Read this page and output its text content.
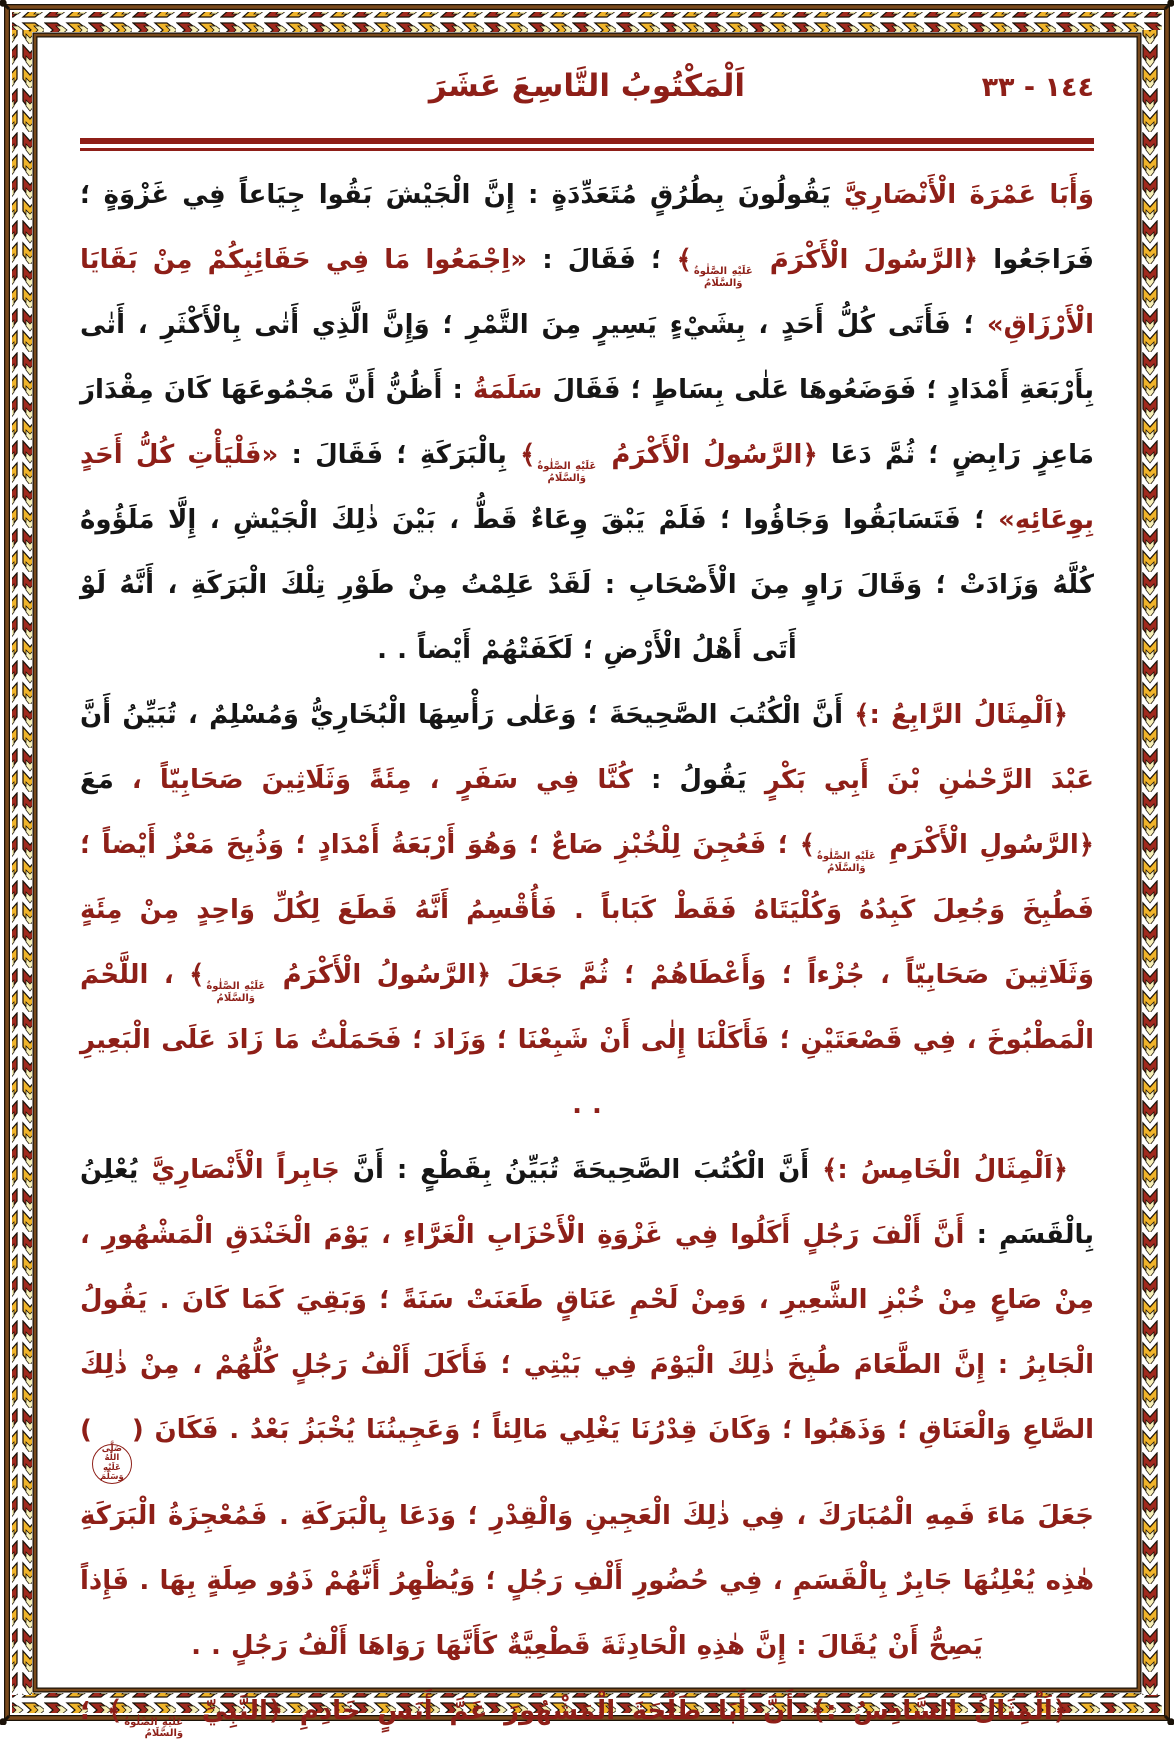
١٤٤ - ٣٣
اَلْمَكْتُوبُ التَّاسِعَ عَشَرَ

وَأَبَا عَمْرَةَ الْأَنْصَارِيَّ يَقُولُونَ بِطُرُقٍ مُتَعَدِّدَةٍ : إِنَّ الْجَيْشَ بَقُوا جِيَاعاً فِي غَزْوَةٍ ؛ فَرَاجَعُوا ﴿الرَّسُولَ الْأَكْرَمَ
عَلَيْهِ الصَّلٰوةُ
وَالسَّلَامُ
﴾ ؛ فَقَالَ : «اِجْمَعُوا مَا فِي حَقَائِبِكُمْ مِنْ بَقَايَا الْأَرْزَاقِ» ؛ فَأَتَى كُلُّ أَحَدٍ ، بِشَيْءٍ يَسِيرٍ مِنَ التَّمْرِ ؛ وَإِنَّ الَّذِي أَتٰى بِالْأَكْثَرِ ، أَتٰى بِأَرْبَعَةِ أَمْدَادٍ ؛ فَوَضَعُوهَا عَلٰى بِسَاطٍ ؛ فَقَالَ سَلَمَةُ : أَظُنُّ أَنَّ مَجْمُوعَهَا كَانَ مِقْدَارَ مَاعِزٍ رَابِضٍ ؛ ثُمَّ دَعَا ﴿الرَّسُولُ الْأَكْرَمُ
عَلَيْهِ الصَّلٰوةُ
وَالسَّلَامُ
﴾ بِالْبَرَكَةِ ؛ فَقَالَ : «فَلْيَأْتِ كُلُّ أَحَدٍ بِوِعَائِهِ» ؛ فَتَسَابَقُوا وَجَاؤُوا ؛ فَلَمْ يَبْقَ وِعَاءٌ قَطُّ ، بَيْنَ ذٰلِكَ الْجَيْشِ ، إِلَّا مَلَؤُوهُ كُلَّهُ وَزَادَتْ ؛ وَقَالَ رَاوٍ مِنَ الْأَصْحَابِ : لَقَدْ عَلِمْتُ مِنْ طَوْرِ تِلْكَ الْبَرَكَةِ ، أَنَّهُ لَوْ أَتَى أَهْلُ الْأَرْضِ ؛ لَكَفَتْهُمْ أَيْضاً . .

﴿اَلْمِثَالُ الرَّابِعُ :﴾ أَنَّ الْكُتُبَ الصَّحِيحَةَ ؛ وَعَلٰى رَأْسِهَا الْبُخَارِيُّ وَمُسْلِمٌ ، تُبَيِّنُ أَنَّ عَبْدَ الرَّحْمٰنِ بْنَ أَبِي بَكْرٍ يَقُولُ : كُنَّا فِي سَفَرٍ ، مِئَةً وَثَلَاثِينَ صَحَابِيّاً ، مَعَ ﴿الرَّسُولِ الْأَكْرَمِ
عَلَيْهِ الصَّلٰوةُ
وَالسَّلَامُ
﴾ ؛ فَعُجِنَ لِلْخُبْزِ صَاعٌ ؛ وَهُوَ أَرْبَعَةُ أَمْدَادٍ ؛ وَذُبِحَ مَعْزٌ أَيْضاً ؛ فَطُبِخَ وَجُعِلَ كَبِدُهُ وَكُلْيَتَاهُ فَقَطْ كَبَاباً . فَأُقْسِمُ أَنَّهُ قَطَعَ لِكُلِّ وَاحِدٍ مِنْ مِئَةٍ وَثَلَاثِينَ صَحَابِيّاً ، جُزْءاً ؛ وَأَعْطَاهُمْ ؛ ثُمَّ جَعَلَ ﴿الرَّسُولُ الْأَكْرَمُ
عَلَيْهِ الصَّلٰوةُ
وَالسَّلَامُ
﴾ ، اللَّحْمَ الْمَطْبُوخَ ، فِي قَصْعَتَيْنِ ؛ فَأَكَلْنَا إِلٰى أَنْ شَبِعْنَا ؛ وَزَادَ ؛ فَحَمَلْتُ مَا زَادَ عَلَى الْبَعِيرِ . .

﴿اَلْمِثَالُ الْخَامِسُ :﴾ أَنَّ الْكُتُبَ الصَّحِيحَةَ تُبَيِّنُ بِقَطْعٍ : أَنَّ جَابِراً الْأَنْصَارِيَّ يُعْلِنُ بِالْقَسَمِ : أَنَّ أَلْفَ رَجُلٍ أَكَلُوا فِي غَزْوَةِ الْأَحْزَابِ الْغَرَّاءِ ، يَوْمَ الْخَنْدَقِ الْمَشْهُورِ ، مِنْ صَاعٍ مِنْ خُبْزِ الشَّعِيرِ ، وَمِنْ لَحْمِ عَنَاقٍ طَعَنَتْ سَنَةً ؛ وَبَقِيَ كَمَا كَانَ . يَقُولُ الْجَابِرُ : إِنَّ الطَّعَامَ طُبِخَ ذٰلِكَ الْيَوْمَ فِي بَيْتِي ؛ فَأَكَلَ أَلْفُ رَجُلٍ كُلُّهُمْ ، مِنْ ذٰلِكَ الصَّاعِ وَالْعَنَاقِ ؛ وَذَهَبُوا ؛ وَكَانَ قِدْرُنَا يَغْلِي مَالِئاً ؛ وَعَجِينُنَا يُخْبَزُ بَعْدُ . فَكَانَ (صَلَّى اللّٰهُ عَلَيْهِ وَسَلَّمَ) جَعَلَ مَاءَ فَمِهِ الْمُبَارَكَ ، فِي ذٰلِكَ الْعَجِينِ وَالْقِدْرِ ؛ وَدَعَا بِالْبَرَكَةِ . فَمُعْجِزَةُ الْبَرَكَةِ هٰذِه يُعْلِنُهَا جَابِرٌ بِالْقَسَمِ ، فِي حُضُورِ أَلْفِ رَجُلٍ ؛ وَيُظْهِرُ أَنَّهُمْ ذَوُو صِلَةٍ بِهَا . فَإِذاً يَصِحُّ أَنْ يُقَالَ : إِنَّ هٰذِهِ الْحَادِثَةَ قَطْعِيَّةٌ كَأَنَّهَا رَوَاهَا أَلْفُ رَجُلٍ . .

﴿اَلْمِثَالُ السَّادِسُ :﴾ أَنَّ أَبَا طَلْحَةَ الْمَشْهُورَ عَمَّ أَنَسٍ خَادِمِ ﴿النَّبِيِّ
عَلَيْهِ الصَّلٰوةُ
وَالسَّلَامُ
﴾ ؛
